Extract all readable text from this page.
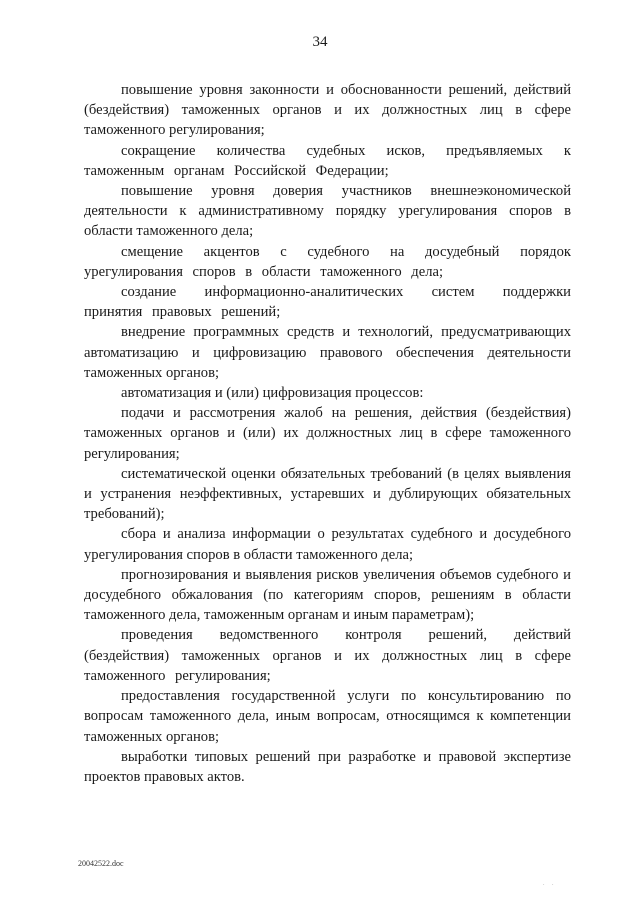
34

повышение уровня законности и обоснованности решений, действий (бездействия) таможенных органов и их должностных лиц в сфере таможенного регулирования;

сокращение количества судебных исков, предъявляемых к таможенным органам Российской Федерации;

повышение уровня доверия участников внешнеэкономической деятельности к административному порядку урегулирования споров в области таможенного дела;

смещение акцентов с судебного на досудебный порядок урегулирования споров в области таможенного дела;

создание информационно-аналитических систем поддержки принятия правовых решений;

внедрение программных средств и технологий, предусматривающих автоматизацию и цифровизацию правового обеспечения деятельности таможенных органов;

автоматизация и (или) цифровизация процессов:

подачи и рассмотрения жалоб на решения, действия (бездействия) таможенных органов и (или) их должностных лиц в сфере таможенного регулирования;

систематической оценки обязательных требований (в целях выявления и устранения неэффективных, устаревших и дублирующих обязательных требований);

сбора и анализа информации о результатах судебного и досудебного урегулирования споров в области таможенного дела;

прогнозирования и выявления рисков увеличения объемов судебного и досудебного обжалования (по категориям споров, решениям в области таможенного дела, таможенным органам и иным параметрам);

проведения ведомственного контроля решений, действий (бездействия) таможенных органов и их должностных лиц в сфере таможенного регулирования;

предоставления государственной услуги по консультированию по вопросам таможенного дела, иным вопросам, относящимся к компетенции таможенных органов;

выработки типовых решений при разработке и правовой экспертизе проектов правовых актов.

20042522.doc
. .
